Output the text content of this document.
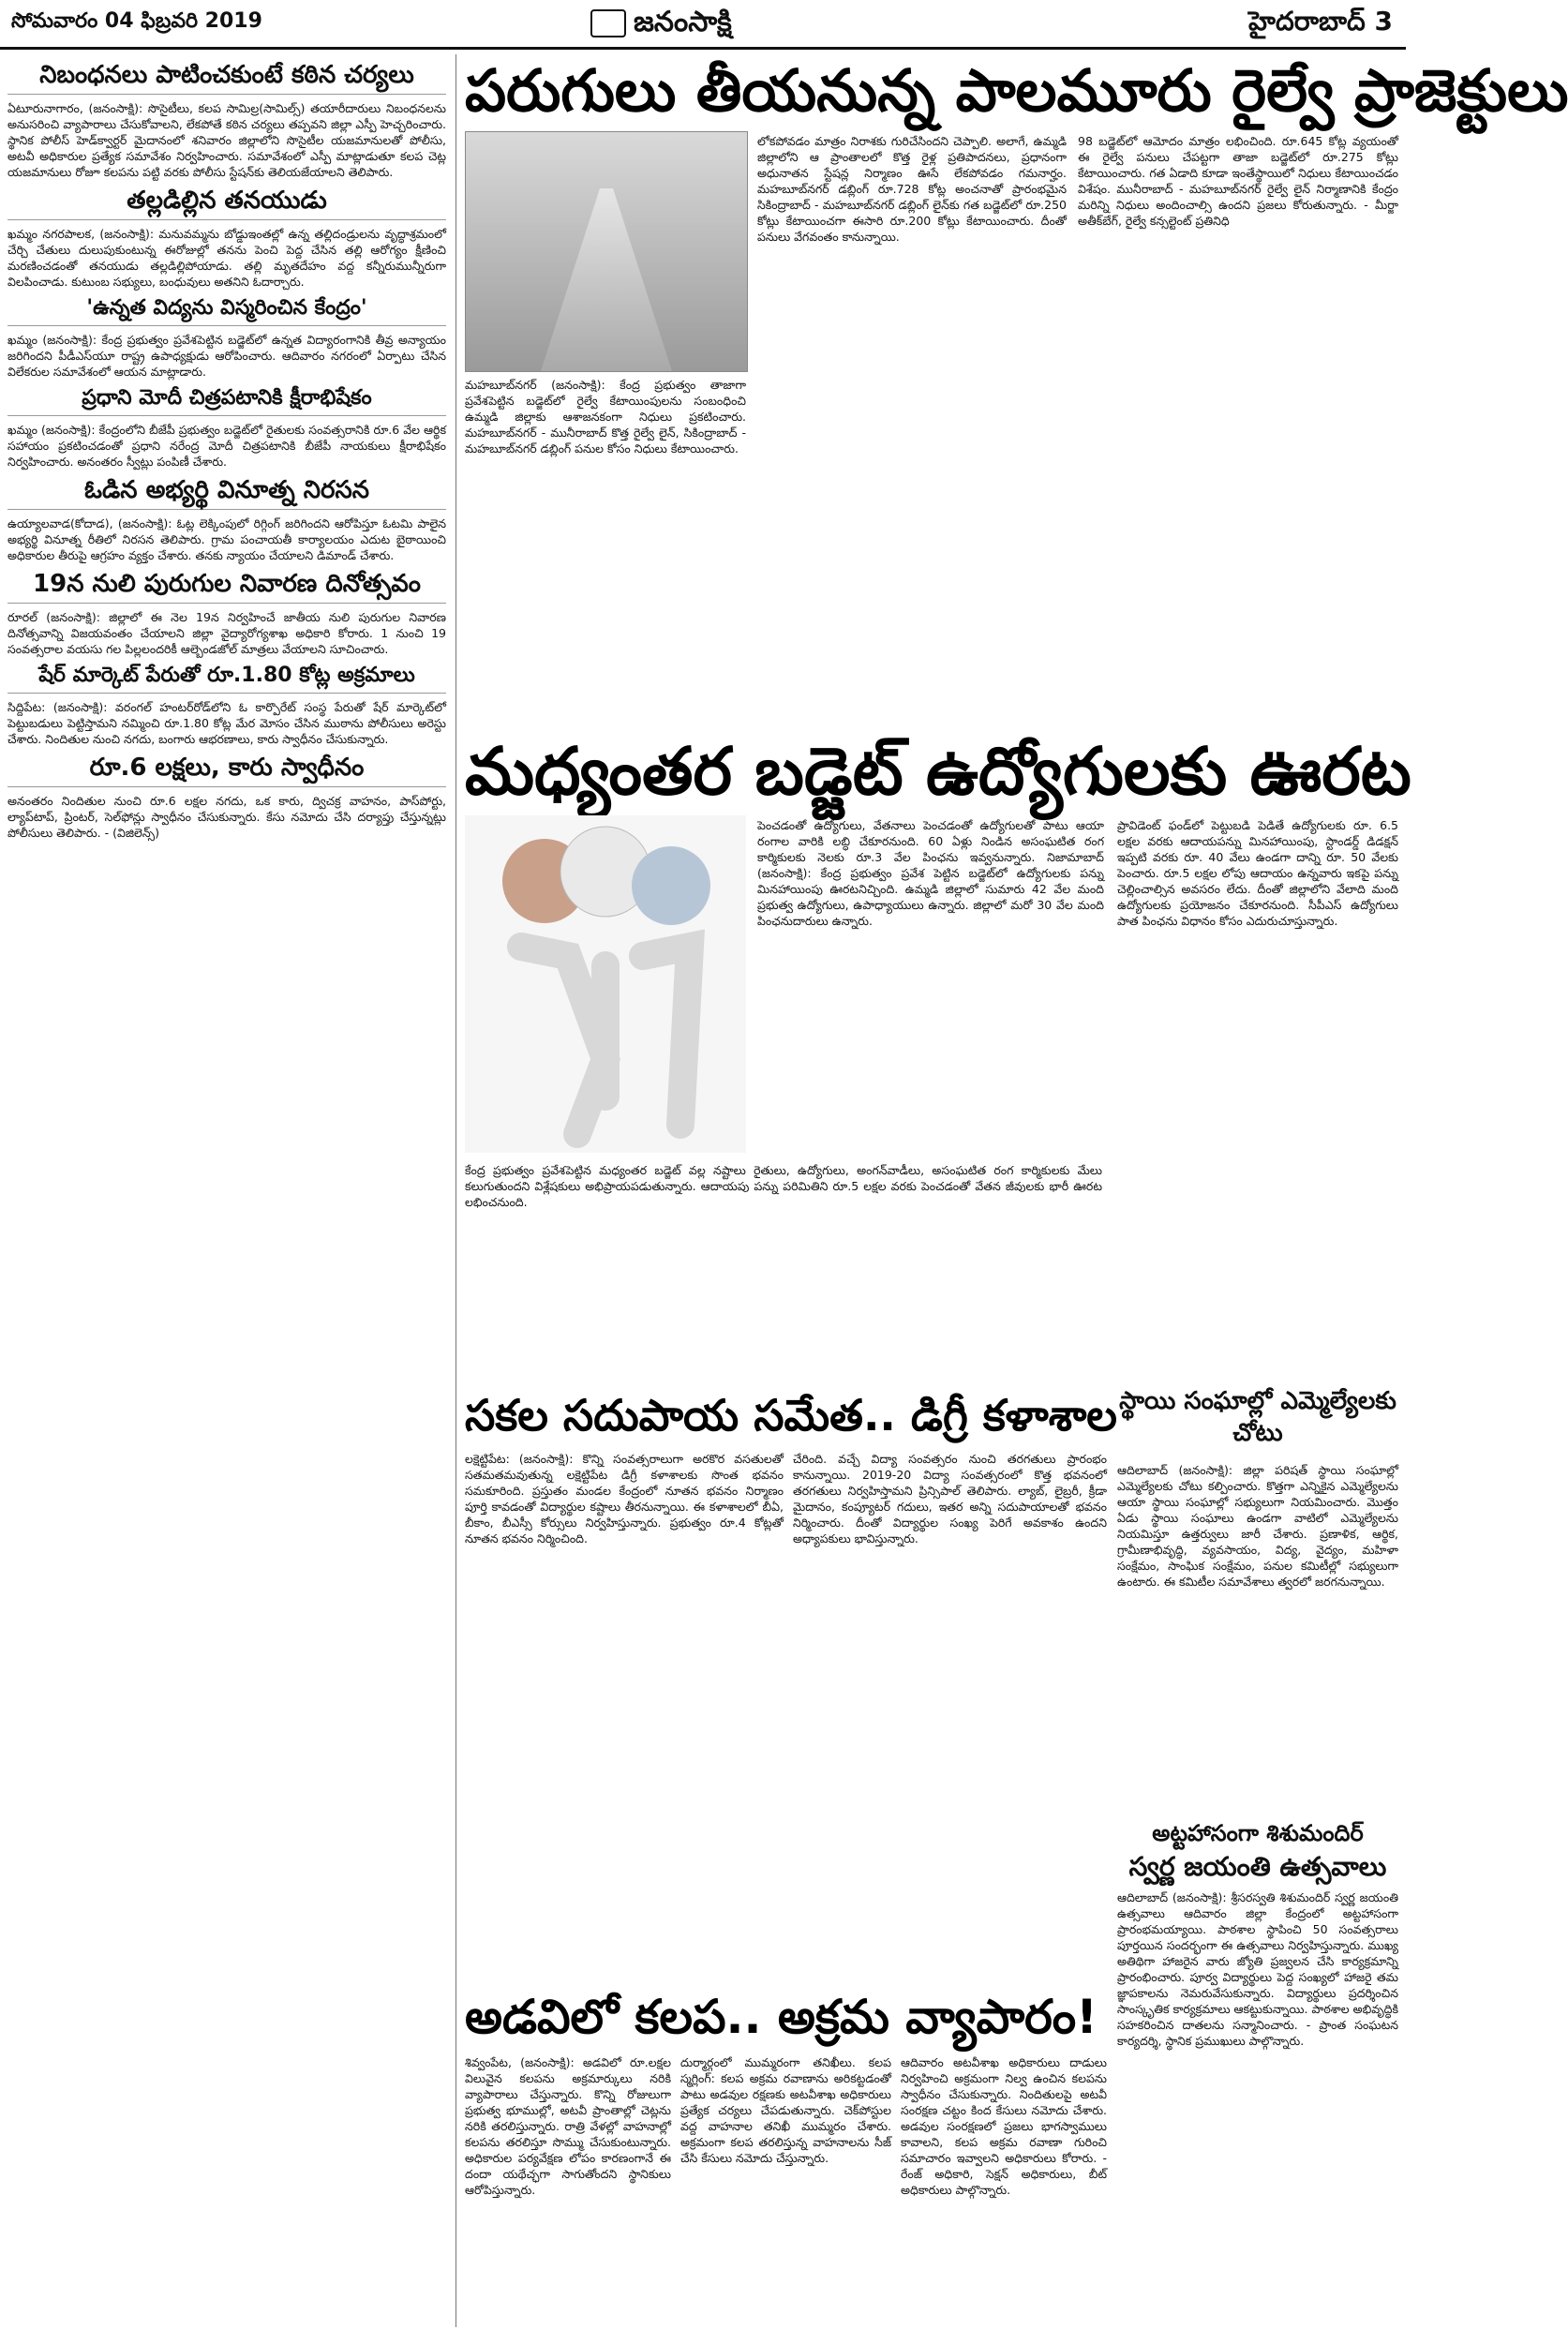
సోమవారం 04 ఫిబ్రవరి 2019	జనంసాక్షి	హైదరాబాద్ 3
నిబంధనలు పాటించకుంటే కఠిన చర్యలు

ఏటూరునాగారం, (జనంసాక్షి): సొసైటీలు, కలప సామిల్ర(సామిల్స్) తయారీదారులు నిబంధనలను అనుసరించి వ్యాపారాలు చేసుకోవాలని, లేకపోతే కఠిన చర్యలు తప్పవని జిల్లా ఎస్పీ హెచ్చరించారు. స్థానిక పోలీస్ హెడ్‌క్వార్టర్ మైదానంలో శనివారం జిల్లాలోని సొసైటీల యజమానులతో పోలీసు, అటవీ అధికారుల ప్రత్యేక సమావేశం నిర్వహించారు. సమావేశంలో ఎస్పీ మాట్లాడుతూ కలప చెట్ల యజమానులు రోజూ కలపను పట్టి వరకు పోలీసు స్టేషన్‌కు తెలియజేయాలని తెలిపారు.

తల్లడిల్లిన తనయుడు

ఖమ్మం నగరపాలక, (జనంసాక్షి): మనువమ్మను బోడ్డుఇంతల్లో ఉన్న తల్లిదండ్రులను వృద్ధాశ్రమంలో చేర్చి చేతులు దులుపుకుంటున్న ఈరోజుల్లో తనను పెంచి పెద్ద చేసిన తల్లి ఆరోగ్యం క్షీణించి మరణించడంతో తనయుడు తల్లడిల్లిపోయాడు. తల్లి మృతదేహం వద్ద కన్నీరుమున్నీరుగా విలపించాడు. కుటుంబ సభ్యులు, బంధువులు అతనిని ఓదార్చారు.

'ఉన్నత విద్యను విస్మరించిన కేంద్రం'

ఖమ్మం (జనంసాక్షి): కేంద్ర ప్రభుత్వం ప్రవేశపెట్టిన బడ్జెట్‌లో ఉన్నత విద్యారంగానికి తీవ్ర అన్యాయం జరిగిందని పీడీఎస్‌యూ రాష్ట్ర ఉపాధ్యక్షుడు ఆరోపించారు. ఆదివారం నగరంలో ఏర్పాటు చేసిన విలేకరుల సమావేశంలో ఆయన మాట్లాడారు.

ప్రధాని మోదీ చిత్రపటానికి క్షీరాభిషేకం

ఖమ్మం (జనంసాక్షి): కేంద్రంలోని బీజేపీ ప్రభుత్వం బడ్జెట్‌లో రైతులకు సంవత్సరానికి రూ.6 వేల ఆర్థిక సహాయం ప్రకటించడంతో ప్రధాని నరేంద్ర మోదీ చిత్రపటానికి బీజేపీ నాయకులు క్షీరాభిషేకం నిర్వహించారు. అనంతరం స్వీట్లు పంపిణీ చేశారు.

ఓడిన అభ్యర్థి వినూత్న నిరసన

ఉయ్యాలవాడ(కోదాడ), (జనంసాక్షి): ఓట్ల లెక్కింపులో రిగ్గింగ్ జరిగిందని ఆరోపిస్తూ ఓటమి పాలైన అభ్యర్థి వినూత్న రీతిలో నిరసన తెలిపారు. గ్రామ పంచాయతీ కార్యాలయం ఎదుట బైఠాయించి అధికారుల తీరుపై ఆగ్రహం వ్యక్తం చేశారు. తనకు న్యాయం చేయాలని డిమాండ్ చేశారు.

19న నులి పురుగుల నివారణ దినోత్సవం

రూరల్ (జనంసాక్షి): జిల్లాలో ఈ నెల 19న నిర్వహించే జాతీయ నులి పురుగుల నివారణ దినోత్సవాన్ని విజయవంతం చేయాలని జిల్లా వైద్యారోగ్యశాఖ అధికారి కోరారు. 1 నుంచి 19 సంవత్సరాల వయసు గల పిల్లలందరికీ ఆల్బెండజోల్ మాత్రలు వేయాలని సూచించారు.

షేర్ మార్కెట్ పేరుతో రూ.1.80 కోట్ల అక్రమాలు

సిద్దిపేట: (జనంసాక్షి): వరంగల్ హంటర్‌రోడ్‌లోని ఓ కార్పొరేట్ సంస్థ పేరుతో షేర్ మార్కెట్‌లో పెట్టుబడులు పెట్టిస్తామని నమ్మించి రూ.1.80 కోట్ల మేర మోసం చేసిన ముఠాను పోలీసులు అరెస్టు చేశారు. నిందితుల నుంచి నగదు, బంగారు ఆభరణాలు, కారు స్వాధీనం చేసుకున్నారు.

రూ.6 లక్షలు, కారు స్వాధీనం

అనంతరం నిందితుల నుంచి రూ.6 లక్షల నగదు, ఒక కారు, ద్విచక్ర వాహనం, పాస్‌పోర్టు, ల్యాప్‌టాప్, ప్రింటర్, సెల్‌ఫోన్లు స్వాధీనం చేసుకున్నారు. కేసు నమోదు చేసి దర్యాప్తు చేస్తున్నట్లు పోలీసులు తెలిపారు. - (విజిలెన్స్)

పరుగులు తీయనున్న పాలమూరు రైల్వే ప్రాజెక్టులు
మహబూబ్‌నగర్ (జనంసాక్షి): కేంద్ర ప్రభుత్వం తాజాగా ప్రవేశపెట్టిన బడ్జెట్‌లో రైల్వే కేటాయింపులను సంబంధించి ఉమ్మడి జిల్లాకు ఆశాజనకంగా నిధులు ప్రకటించారు. మహబూబ్‌నగర్ - మునీరాబాద్ కొత్త రైల్వే లైన్, సికింద్రాబాద్ - మహబూబ్‌నగర్ డబ్లింగ్ పనుల కోసం నిధులు కేటాయించారు.
లోకపోవడం మాత్రం నిరాశకు గురిచేసిందని చెప్పాలి. అలాగే, ఉమ్మడి జిల్లాలోని ఆ ప్రాంతాలలో కొత్త రైళ్ల ప్రతిపాదనలు, ప్రధానంగా అధునాతన స్టేషన్ల నిర్మాణం ఊసే లేకపోవడం గమనార్హం. మహబూబ్‌నగర్ డబ్లింగ్ రూ.728 కోట్ల అంచనాతో ప్రారంభమైన సికింద్రాబాద్ - మహబూబ్‌నగర్ డబ్లింగ్ లైన్‌కు గత బడ్జెట్‌లో రూ.250 కోట్లు కేటాయించగా ఈసారి రూ.200 కోట్లు కేటాయించారు. దీంతో పనులు వేగవంతం కానున్నాయి.
98 బడ్జెట్‌లో ఆమోదం మాత్రం లభించింది. రూ.645 కోట్ల వ్యయంతో ఈ రైల్వే పనులు చేపట్టగా తాజా బడ్జెట్‌లో రూ.275 కోట్లు కేటాయించారు. గత ఏడాది కూడా ఇంతేస్థాయిలో నిధులు కేటాయించడం విశేషం. మునీరాబాద్ - మహబూబ్‌నగర్ రైల్వే లైన్ నిర్మాణానికి కేంద్రం మరిన్ని నిధులు అందించాల్సి ఉందని ప్రజలు కోరుతున్నారు. - మీర్జా అతీక్‌బేగ్, రైల్వే కన్సల్టెంట్ ప్రతినిధి
మధ్యంతర బడ్జెట్ ఉద్యోగులకు ఊరట
కేంద్ర ప్రభుత్వం ప్రవేశపెట్టిన మధ్యంతర బడ్జెట్ వల్ల నష్టాలు రైతులు, ఉద్యోగులు, అంగన్‌వాడీలు, అసంఘటిత రంగ కార్మికులకు మేలు కలుగుతుందని విశ్లేషకులు అభిప్రాయపడుతున్నారు. ఆదాయపు పన్ను పరిమితిని రూ.5 లక్షల వరకు పెంచడంతో వేతన జీవులకు భారీ ఊరట లభించనుంది.
పెంచడంతో ఉద్యోగులు, వేతనాలు పెంచడంతో ఉద్యోగులతో పాటు ఆయా రంగాల వారికి లబ్ధి చేకూరనుంది. 60 ఏళ్లు నిండిన అసంఘటిత రంగ కార్మికులకు నెలకు రూ.3 వేల పింఛను ఇవ్వనున్నారు. నిజామాబాద్ (జనంసాక్షి): కేంద్ర ప్రభుత్వం ప్రవేశ పెట్టిన బడ్జెట్‌లో ఉద్యోగులకు పన్ను మినహాయింపు ఊరటనిచ్చింది. ఉమ్మడి జిల్లాలో సుమారు 42 వేల మంది ప్రభుత్వ ఉద్యోగులు, ఉపాధ్యాయులు ఉన్నారు. జిల్లాలో మరో 30 వేల మంది పింఛనుదారులు ఉన్నారు.
ప్రావిడెంట్ ఫండ్‌లో పెట్టుబడి పెడితే ఉద్యోగులకు రూ. 6.5 లక్షల వరకు ఆదాయపన్ను మినహాయింపు, స్టాండర్డ్ డిడక్షన్ ఇప్పటి వరకు రూ. 40 వేలు ఉండగా దాన్ని రూ. 50 వేలకు పెంచారు. రూ.5 లక్షల లోపు ఆదాయం ఉన్నవారు ఇకపై పన్ను చెల్లించాల్సిన అవసరం లేదు. దీంతో జిల్లాలోని వేలాది మంది ఉద్యోగులకు ప్రయోజనం చేకూరనుంది. సీపీఎస్ ఉద్యోగులు పాత పింఛను విధానం కోసం ఎదురుచూస్తున్నారు.
సకల సదుపాయ సమేత.. డిగ్రీ కళాశాల
లక్షెట్టిపేట: (జనంసాక్షి): కొన్ని సంవత్సరాలుగా అరకొర వసతులతో సతమతమవుతున్న లక్షెట్టిపేట డిగ్రీ కళాశాలకు సొంత భవనం సమకూరింది. ప్రస్తుతం మండల కేంద్రంలో నూతన భవనం నిర్మాణం పూర్తి కావడంతో విద్యార్థుల కష్టాలు తీరనున్నాయి. ఈ కళాశాలలో బీఏ, బీకాం, బీఎస్సీ కోర్సులు నిర్వహిస్తున్నారు. ప్రభుత్వం రూ.4 కోట్లతో నూతన భవనం నిర్మించింది.
చేరింది. వచ్చే విద్యా సంవత్సరం నుంచి తరగతులు ప్రారంభం కానున్నాయి. 2019-20 విద్యా సంవత్సరంలో కొత్త భవనంలో తరగతులు నిర్వహిస్తామని ప్రిన్సిపాల్ తెలిపారు. ల్యాబ్, లైబ్రరీ, క్రీడా మైదానం, కంప్యూటర్ గదులు, ఇతర అన్ని సదుపాయాలతో భవనం నిర్మించారు. దీంతో విద్యార్థుల సంఖ్య పెరిగే అవకాశం ఉందని అధ్యాపకులు భావిస్తున్నారు.
స్థాయి సంఘాల్లో ఎమ్మెల్యేలకు చోటు
ఆదిలాబాద్ (జనంసాక్షి): జిల్లా పరిషత్ స్థాయి సంఘాల్లో ఎమ్మెల్యేలకు చోటు కల్పించారు. కొత్తగా ఎన్నికైన ఎమ్మెల్యేలను ఆయా స్థాయి సంఘాల్లో సభ్యులుగా నియమించారు. మొత్తం ఏడు స్థాయి సంఘాలు ఉండగా వాటిలో ఎమ్మెల్యేలను నియమిస్తూ ఉత్తర్వులు జారీ చేశారు. ప్రణాళిక, ఆర్థిక, గ్రామీణాభివృద్ధి, వ్యవసాయం, విద్య, వైద్యం, మహిళా సంక్షేమం, సాంఘిక సంక్షేమం, పనుల కమిటీల్లో సభ్యులుగా ఉంటారు. ఈ కమిటీల సమావేశాలు త్వరలో జరగనున్నాయి.
అట్టహాసంగా శిశుమందిర్
స్వర్ణ జయంతి ఉత్సవాలు
ఆదిలాబాద్ (జనంసాక్షి): శ్రీసరస్వతి శిశుమందిర్ స్వర్ణ జయంతి ఉత్సవాలు ఆదివారం జిల్లా కేంద్రంలో అట్టహాసంగా ప్రారంభమయ్యాయి. పాఠశాల స్థాపించి 50 సంవత్సరాలు పూర్తయిన సందర్భంగా ఈ ఉత్సవాలు నిర్వహిస్తున్నారు. ముఖ్య అతిథిగా హాజరైన వారు జ్యోతి ప్రజ్వలన చేసి కార్యక్రమాన్ని ప్రారంభించారు. పూర్వ విద్యార్థులు పెద్ద సంఖ్యలో హాజరై తమ జ్ఞాపకాలను నెమరువేసుకున్నారు. విద్యార్థులు ప్రదర్శించిన సాంస్కృతిక కార్యక్రమాలు ఆకట్టుకున్నాయి. పాఠశాల అభివృద్ధికి సహకరించిన దాతలను సన్మానించారు. - ప్రాంత సంఘటన కార్యదర్శి, స్థానిక ప్రముఖులు పాల్గొన్నారు.
అడవిలో కలప.. అక్రమ వ్యాపారం!
శివ్వంపేట, (జనంసాక్షి): అడవిలో రూ.లక్షల విలువైన కలపను అక్రమార్కులు నరికి వ్యాపారాలు చేస్తున్నారు. కొన్ని రోజులుగా ప్రభుత్వ భూముల్లో, అటవీ ప్రాంతాల్లో చెట్లను నరికి తరలిస్తున్నారు. రాత్రి వేళల్లో వాహనాల్లో కలపను తరలిస్తూ సొమ్ము చేసుకుంటున్నారు. అధికారుల పర్యవేక్షణ లోపం కారణంగానే ఈ దందా యథేచ్ఛగా సాగుతోందని స్థానికులు ఆరోపిస్తున్నారు.
దుర్మార్గంలో ముమ్మరంగా తనిఖీలు. కలప స్మగ్లింగ్: కలప అక్రమ రవాణాను అరికట్టడంతో పాటు అడవుల రక్షణకు అటవీశాఖ అధికారులు ప్రత్యేక చర్యలు చేపడుతున్నారు. చెక్‌పోస్టుల వద్ద వాహనాల తనిఖీ ముమ్మరం చేశారు. అక్రమంగా కలప తరలిస్తున్న వాహనాలను సీజ్ చేసి కేసులు నమోదు చేస్తున్నారు.
ఆదివారం అటవీశాఖ అధికారులు దాడులు నిర్వహించి అక్రమంగా నిల్వ ఉంచిన కలపను స్వాధీనం చేసుకున్నారు. నిందితులపై అటవీ సంరక్షణ చట్టం కింద కేసులు నమోదు చేశారు. అడవుల సంరక్షణలో ప్రజలు భాగస్వాములు కావాలని, కలప అక్రమ రవాణా గురించి సమాచారం ఇవ్వాలని అధికారులు కోరారు. - రేంజ్ అధికారి, సెక్షన్ అధికారులు, బీట్ అధికారులు పాల్గొన్నారు.
